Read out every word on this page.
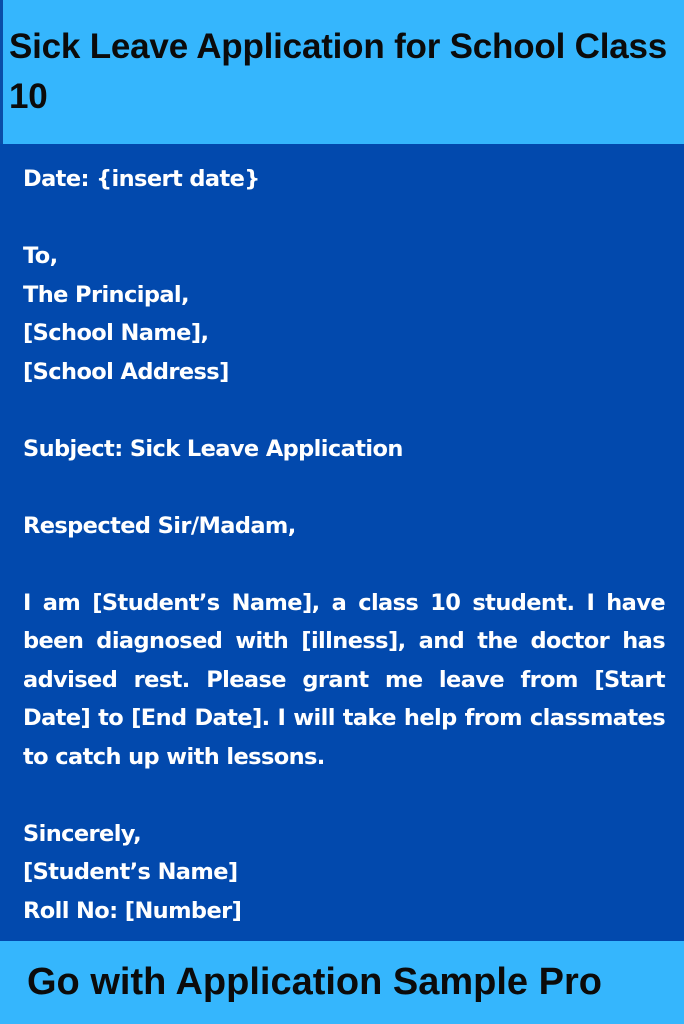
Sick Leave Application for School Class 10

Date: {insert date}

To,

The Principal,

[School Name],

[School Address]

Subject: Sick Leave Application

Respected Sir/Madam,

I am [Student’s Name], a class 10 student. I have been diagnosed with [illness], and the doctor has advised rest. Please grant me leave from [Start Date] to [End Date]. I will take help from classmates to catch up with lessons.

Sincerely,

[Student’s Name]

Roll No: [Number]

Go with Application Sample Pro
